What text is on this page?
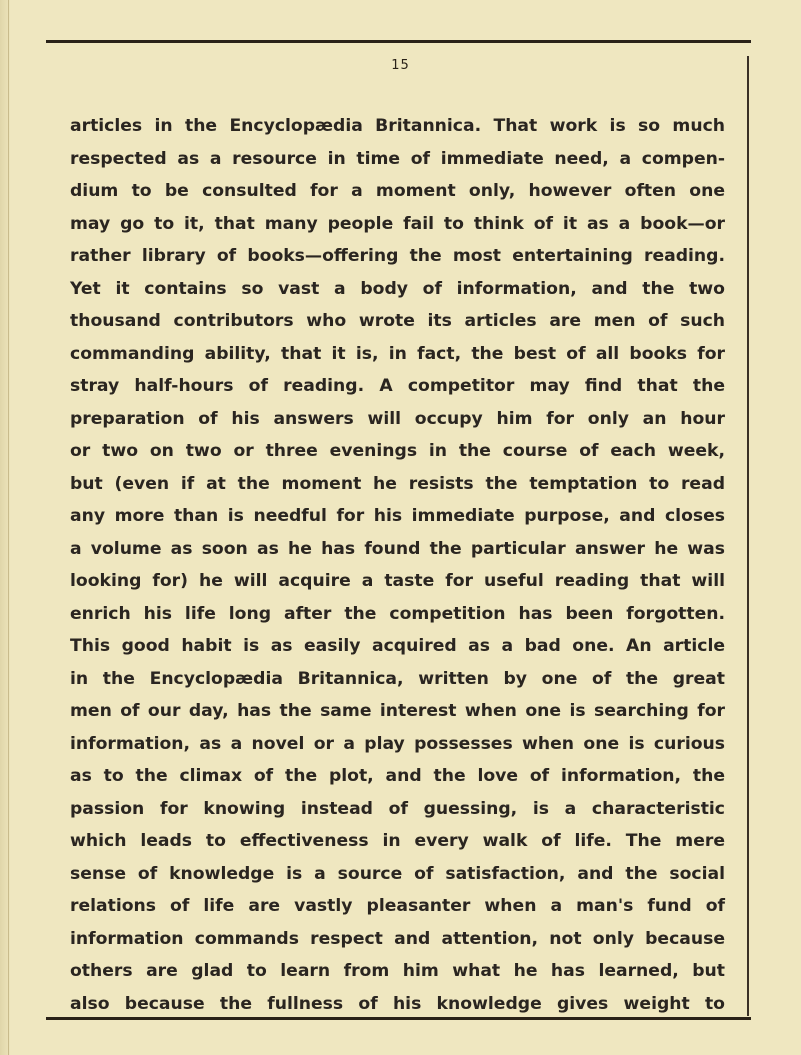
15
articles in the Encyclopædia Britannica. That work is so much
respected as a resource in time of immediate need, a compen-
dium to be consulted for a moment only, however often one
may go to it, that many people fail to think of it as a book—or
rather library of books—offering the most entertaining reading.
Yet it contains so vast a body of information, and the two
thousand contributors who wrote its articles are men of such
commanding ability, that it is, in fact, the best of all books for
stray half-hours of reading. A competitor may find that the
preparation of his answers will occupy him for only an hour
or two on two or three evenings in the course of each week,
but (even if at the moment he resists the temptation to read
any more than is needful for his immediate purpose, and closes
a volume as soon as he has found the particular answer he was
looking for) he will acquire a taste for useful reading that will
enrich his life long after the competition has been forgotten.
This good habit is as easily acquired as a bad one. An article
in the Encyclopædia Britannica, written by one of the great
men of our day, has the same interest when one is searching for
information, as a novel or a play possesses when one is curious
as to the climax of the plot, and the love of information, the
passion for knowing instead of guessing, is a characteristic
which leads to effectiveness in every walk of life. The mere
sense of knowledge is a source of satisfaction, and the social
relations of life are vastly pleasanter when a man's fund of
information commands respect and attention, not only because
others are glad to learn from him what he has learned, but
also because the fullness of his knowledge gives weight to
